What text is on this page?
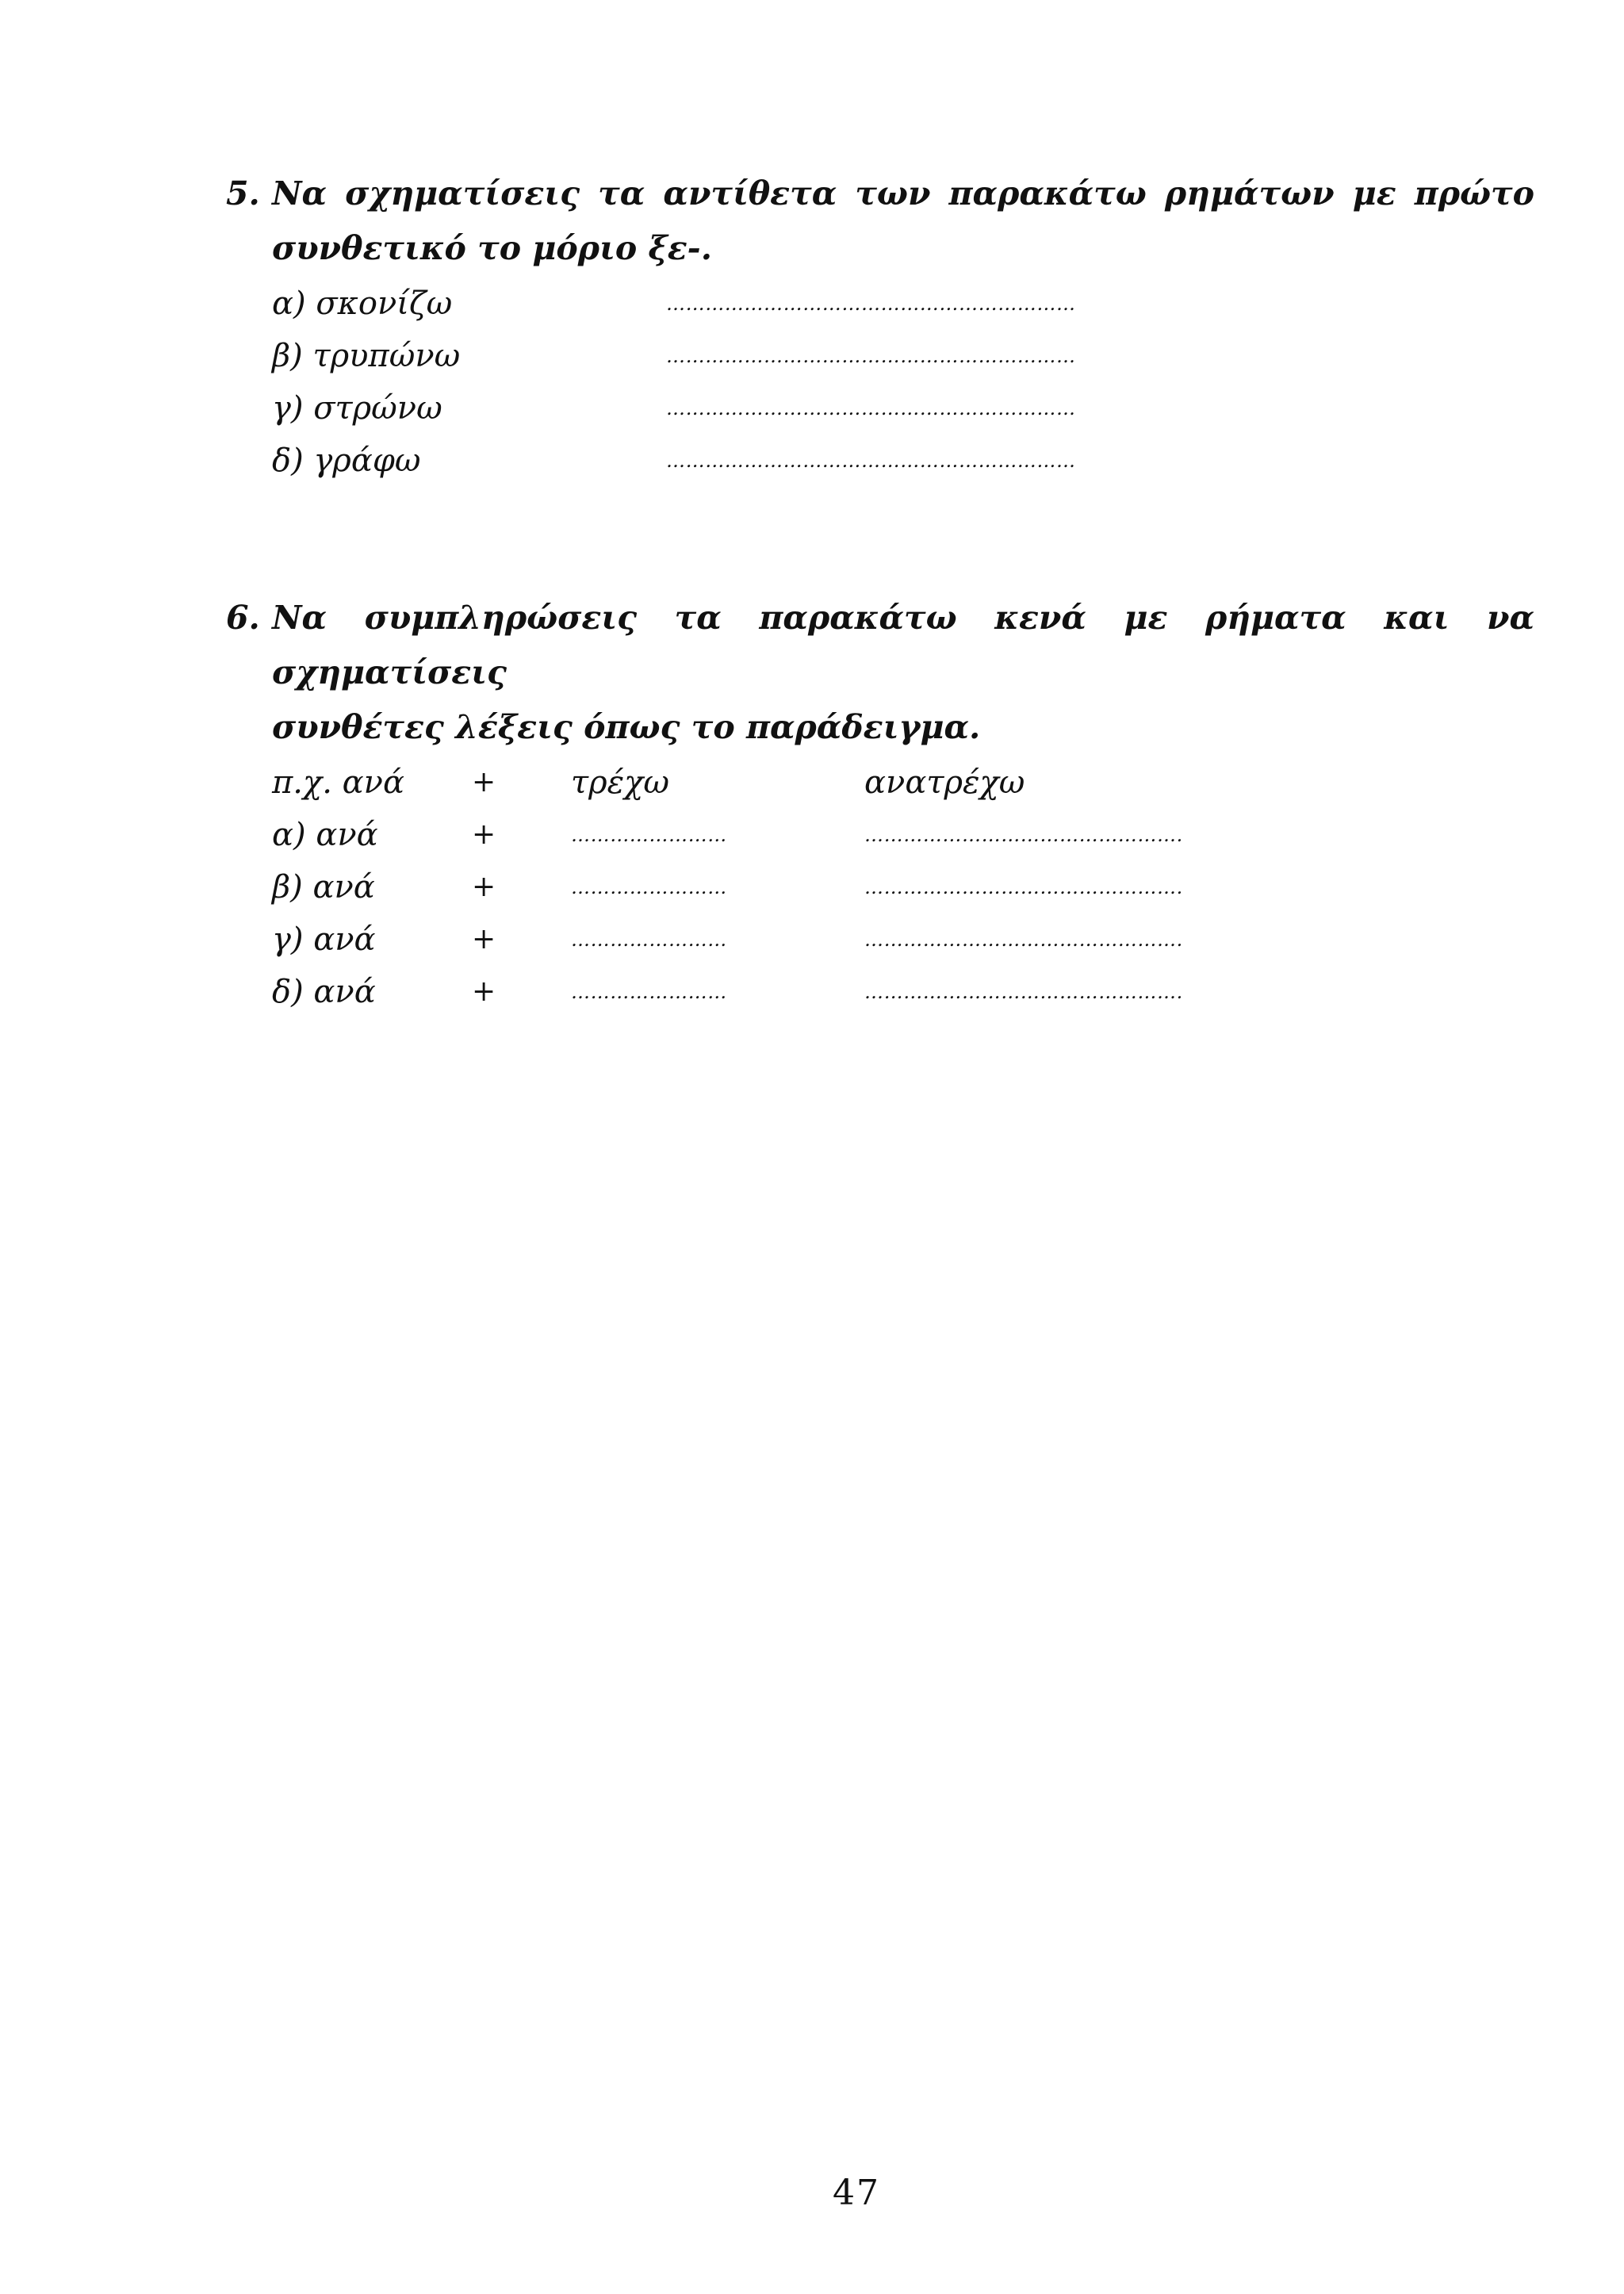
5. Να σχηματίσεις τα αντίθετα των παρακάτω ρημάτων με πρώτο
συνθετικό το μόριο ξε-.
α) σκονίζω	………………………………………………………
β) τρυπώνω	………………………………………………………
γ) στρώνω	………………………………………………………
δ) γράφω	………………………………………………………
6. Να συμπληρώσεις τα παρακάτω κενά με ρήματα και να σχηματίσεις
συνθέτες λέξεις όπως το παράδειγμα.
π.χ. ανά + τρέχω	ανατρέχω
α) ανά	+	……………………	………………………………………….
β) ανά	+	……………………	………………………………………….
γ) ανά	+	……………………	………………………………………….
δ) ανά	+	……………………	………………………………………….
47
